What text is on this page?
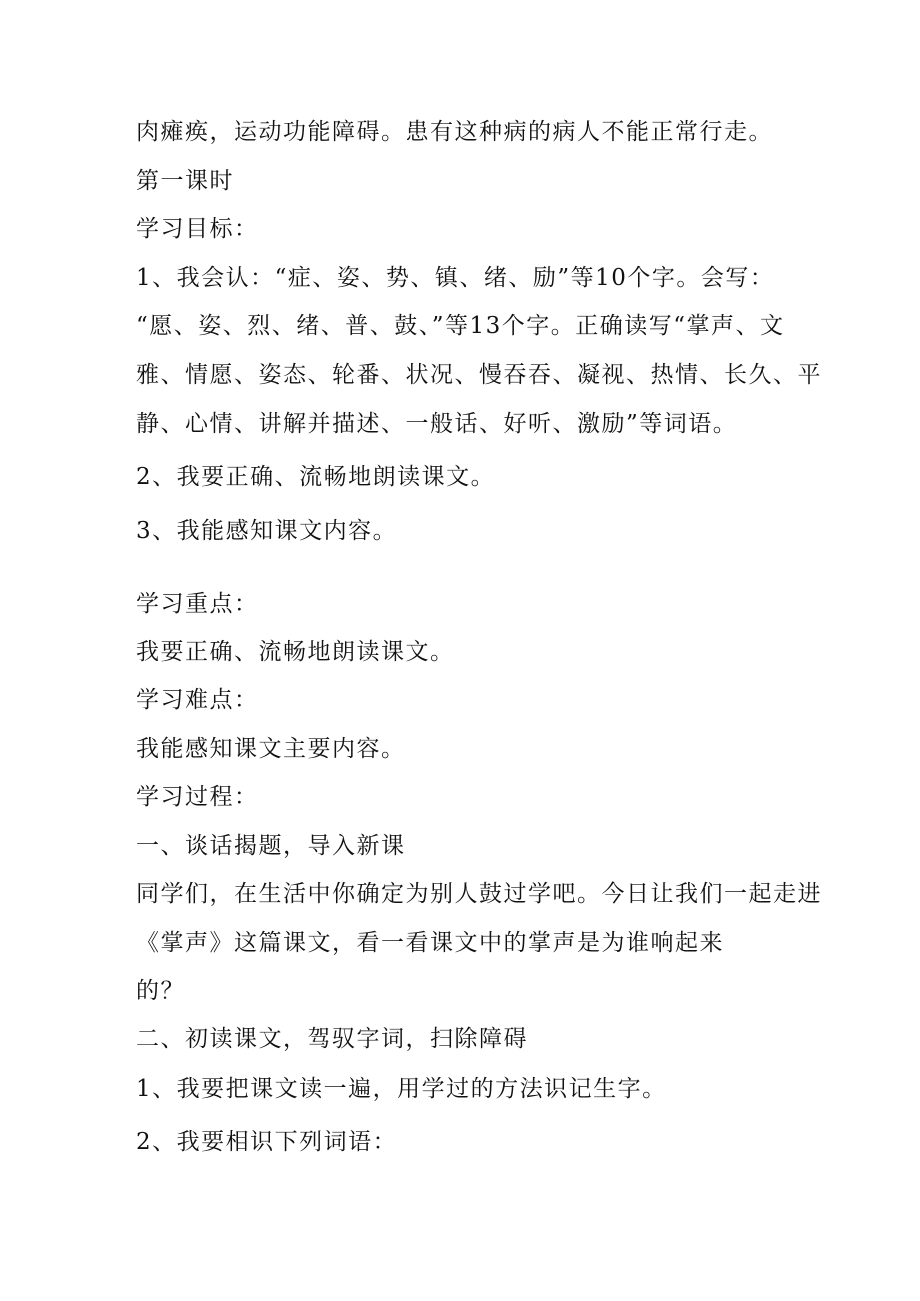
肉瘫痪，运动功能障碍。患有这种病的病人不能正常行走。
第一课时
学习目标：
1、我会认：“症、姿、势、镇、绪、励”等10个字。会写：
“愿、姿、烈、绪、普、鼓、”等13个字。正确读写“掌声、文
雅、情愿、姿态、轮番、状况、慢吞吞、凝视、热情、长久、平
静、心情、讲解并描述、一般话、好听、激励”等词语。
2、我要正确、流畅地朗读课文。
3、我能感知课文内容。
学习重点：
我要正确、流畅地朗读课文。
学习难点：
我能感知课文主要内容。
学习过程：
一、谈话揭题，导入新课
同学们，在生活中你确定为别人鼓过学吧。今日让我们一起走进
《掌声》这篇课文，看一看课文中的掌声是为谁响起来
的？
二、初读课文，驾驭字词，扫除障碍
1、我要把课文读一遍，用学过的方法识记生字。
2、我要相识下列词语：
